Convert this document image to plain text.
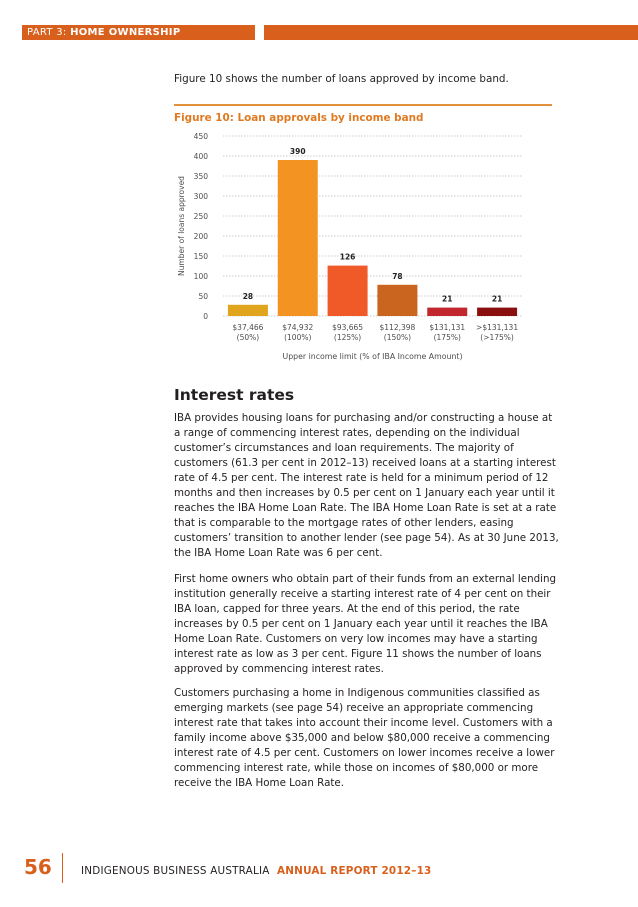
PART 3: HOME OWNERSHIP

Figure 10 shows the number of loans approved by income band.

Figure 10: Loan approvals by income band
0
50
100
150
200
250
300
350
400
450
28
390
126
78
21	21
$37,466
(50%)
$74,932
(100%)
$93,665
(125%)
$112,398
(150%)
$131,131
(175%)
>$131,131
(>175%)
Number of loans approved
Upper income limit (% of IBA Income Amount)
Interest rates

IBA provides housing loans for purchasing and/or constructing a house at a range of commencing interest rates, depending on the individual customer’s circumstances and loan requirements. The majority of customers (61.3 per cent in 2012–13) received loans at a starting interest rate of 4.5 per cent. The interest rate is held for a minimum period of 12 months and then increases by 0.5 per cent on 1 January each year until it reaches the IBA Home Loan Rate. The IBA Home Loan Rate is set at a rate that is comparable to the mortgage rates of other lenders, easing customers’ transition to another lender (see page 54). As at 30 June 2013, the IBA Home Loan Rate was 6 per cent.

First home owners who obtain part of their funds from an external lending institution generally receive a starting interest rate of 4 per cent on their IBA loan, capped for three years. At the end of this period, the rate increases by 0.5 per cent on 1 January each year until it reaches the IBA Home Loan Rate. Customers on very low incomes may have a starting interest rate as low as 3 per cent. Figure 11 shows the number of loans approved by commencing interest rates.

Customers purchasing a home in Indigenous communities classified as emerging markets (see page 54) receive an appropriate commencing interest rate that takes into account their income level. Customers with a family income above $35,000 and below $80,000 receive a commencing interest rate of 4.5 per cent. Customers on lower incomes receive a lower commencing interest rate, while those on incomes of $80,000 or more receive the IBA Home Loan Rate.

56	INDIGENOUS BUSINESS AUSTRALIA ANNUAL REPORT 2012–13
